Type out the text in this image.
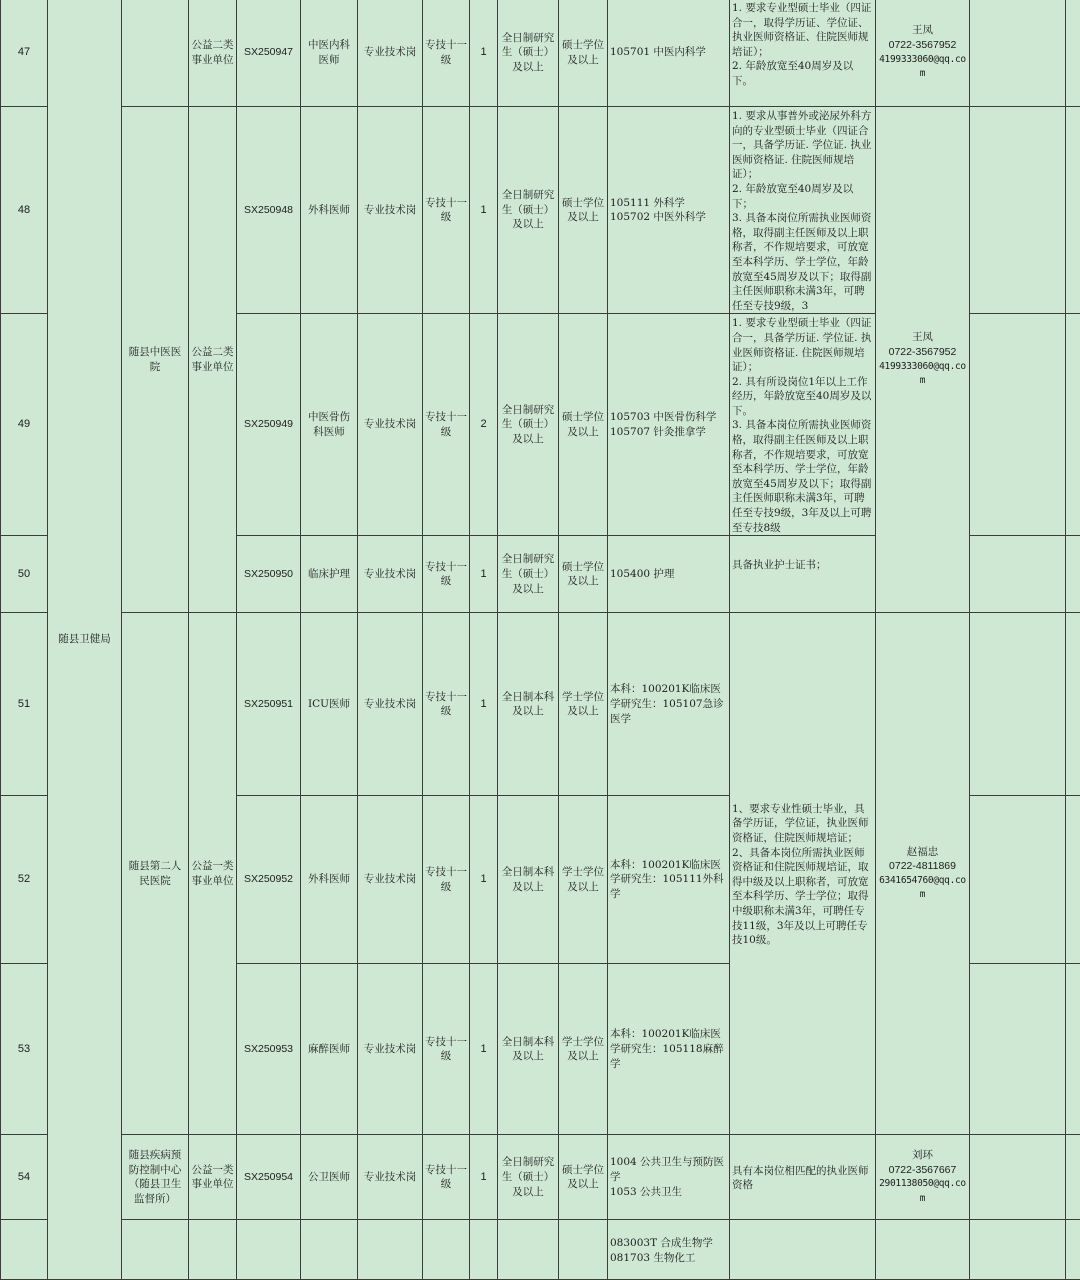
47	随县卫健局		公益二类事业单位	SX250947	中医内科医师	专业技术岗	专技十一级	1	全日制研究生（硕士）及以上	硕士学位及以上	105701 中医内科学	1. 要求专业型硕士毕业（四证合一，取得学历证、学位证、执业医师资格证、住院医师规培证）；
2. 年龄放宽至40周岁及以下。	王凤
0722-3567952
4199333060@qq.com		

48		随县中医医院	公益二类事业单位	SX250948	外科医师	专业技术岗	专技十一级	1	全日制研究生（硕士）及以上	硕士学位及以上	105111 外科学
105702 中医外科学	1. 要求从事普外或泌尿外科方向的专业型硕士毕业（四证合一，具备学历证. 学位证. 执业医师资格证. 住院医师规培证）；
2. 年龄放宽至40周岁及以下；
3. 具备本岗位所需执业医师资格，取得副主任医师及以上职称者，不作规培要求，可放宽至本科学历、学士学位，年龄放宽至45周岁及以下；取得副主任医师职称未满3年，可聘任至专技9级，3	王凤
0722-3567952
4199333060@qq.com		

49				SX250949	中医骨伤科医师	专业技术岗	专技十一级	2	全日制研究生（硕士）及以上	硕士学位及以上	105703 中医骨伤科学
105707 针灸推拿学	1. 要求专业型硕士毕业（四证合一，具备学历证. 学位证. 执业医师资格证. 住院医师规培证）；
2. 具有所设岗位1年以上工作经历，年龄放宽至40周岁及以下。
3. 具备本岗位所需执业医师资格，取得副主任医师及以上职称者，不作规培要求，可放宽至本科学历、学士学位，年龄放宽至45周岁及以下；取得副主任医师职称未满3年，可聘任至专技9级，3年及以上可聘至专技8级			

50				SX250950	临床护理	专业技术岗	专技十一级	1	全日制研究生（硕士）及以上	硕士学位及以上	105400 护理	具备执业护士证书；			

51		随县第二人民医院	公益一类事业单位	SX250951	ICU医师	专业技术岗	专技十一级	1	全日制本科及以上	学士学位及以上	本科：100201K临床医学研究生：105107急诊医学	1、要求专业性硕士毕业，具备学历证，学位证，执业医师资格证，住院医师规培证；
2、具备本岗位所需执业医师资格证和住院医师规培证，取得中级及以上职称者，可放宽至本科学历、学士学位；取得中级职称未满3年，可聘任专技11级，3年及以上可聘任专技10级。	赵福忠
0722-4811869
6341654760@qq.com		

52				SX250952	外科医师	专业技术岗	专技十一级	1	全日制本科及以上	学士学位及以上	本科：100201K临床医学研究生：105111外科学				

53				SX250953	麻醉医师	专业技术岗	专技十一级	1	全日制本科及以上	学士学位及以上	本科：100201K临床医学研究生：105118麻醉学				

54		随县疾病预防控制中心（随县卫生监督所）	公益一类事业单位	SX250954	公卫医师	专业技术岗	专技十一级	1	全日制研究生（硕士）及以上	硕士学位及以上	1004 公共卫生与预防医学
1053 公共卫生	具有本岗位相匹配的执业医师资格	刘环
0722-3567667
2901138050@qq.com		

											083003T 合成生物学
081703 生物化工				
